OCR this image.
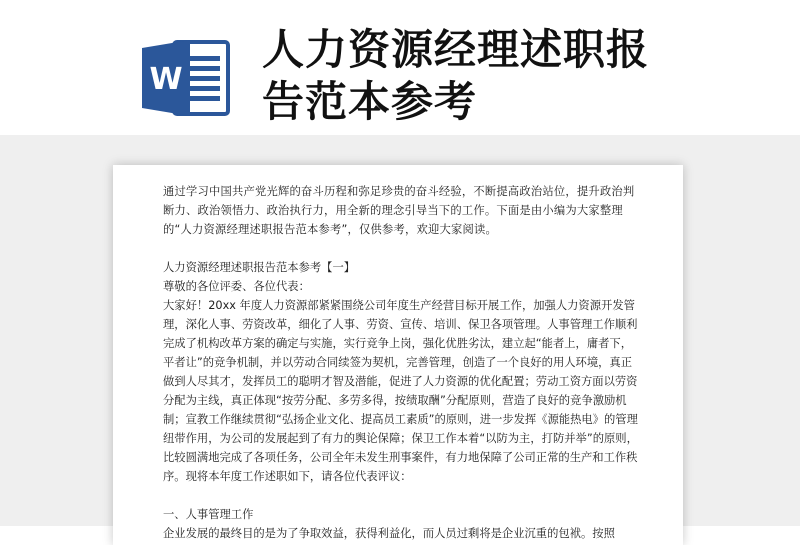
W
人力资源经理述职报
告范本参考

通过学习中国共产党光辉的奋斗历程和弥足珍贵的奋斗经验，不断提高政治站位，提升政治判断力、政治领悟力、政治执行力，用全新的理念引导当下的工作。下面是由小编为大家整理的“人力资源经理述职报告范本参考”，仅供参考，欢迎大家阅读。

人力资源经理述职报告范本参考【一】

尊敬的各位评委、各位代表：

大家好！20xx 年度人力资源部紧紧围绕公司年度生产经营目标开展工作，加强人力资源开发管理，深化人事、劳资改革，细化了人事、劳资、宣传、培训、保卫各项管理。人事管理工作顺利完成了机构改革方案的确定与实施，实行竞争上岗，强化优胜劣汰，建立起“能者上，庸者下，平者让”的竞争机制，并以劳动合同续签为契机，完善管理，创造了一个良好的用人环境，真正做到人尽其才，发挥员工的聪明才智及潜能，促进了人力资源的优化配置；劳动工资方面以劳资分配为主线，真正体现“按劳分配、多劳多得，按绩取酬”分配原则，营造了良好的竞争激励机制；宣教工作继续贯彻“弘扬企业文化、提高员工素质”的原则，进一步发挥《源能热电》的管理纽带作用，为公司的发展起到了有力的舆论保障；保卫工作本着“以防为主，打防并举”的原则，比较圆满地完成了各项任务，公司全年未发生刑事案件，有力地保障了公司正常的生产和工作秩序。现将本年度工作述职如下，请各位代表评议：

一、人事管理工作

企业发展的最终目的是为了争取效益，获得利益化，而人员过剩将是企业沉重的包袱。按照
